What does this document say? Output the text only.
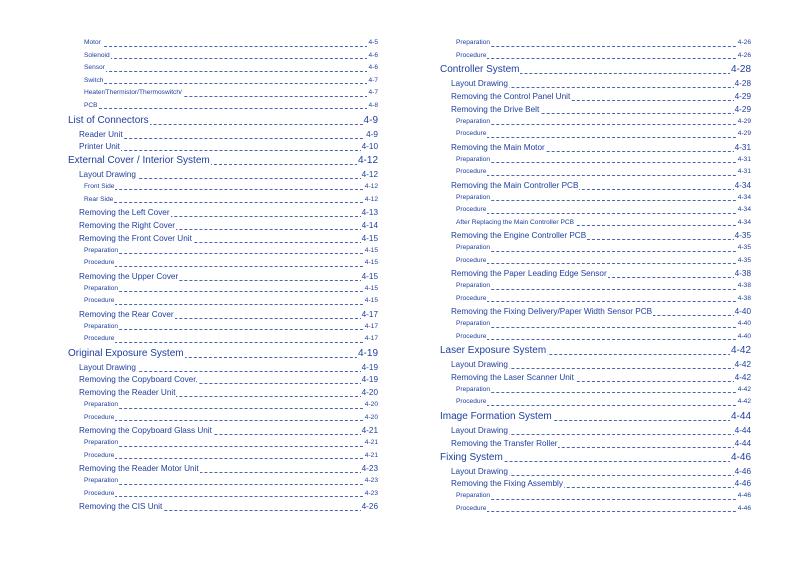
Motor	4-5
Solenoid	4-6
Sensor	4-6
Switch	4-7
Heater/Thermistor/Thermoswitch/	4-7
PCB	4-8
List of Connectors	4-9
Reader Unit	4-9
Printer Unit	4-10
External Cover / Interior System	4-12
Layout Drawing	4-12
Front Side	4-12
Rear Side	4-12
Removing the Left Cover	4-13
Removing the Right Cover	4-14
Removing the Front Cover Unit	4-15
Preparation	4-15
Procedure	4-15
Removing the Upper Cover	4-15
Preparation	4-15
Procedure	4-15
Removing the Rear Cover	4-17
Preparation	4-17
Procedure	4-17
Original Exposure System	4-19
Layout Drawing	4-19
Removing the Copyboard Cover.	4-19
Removing the Reader Unit	4-20
Preparation	4-20
Procedure	4-20
Removing the Copyboard Glass Unit	4-21
Preparation	4-21
Procedure	4-21
Removing the Reader Motor Unit	4-23
Preparation	4-23
Procedure	4-23
Removing the CIS Unit	4-26
Preparation	4-26
Procedure	4-26
Controller System	4-28
Layout Drawing	4-28
Removing the Control Panel Unit	4-29
Removing the Drive Belt	4-29
Preparation	4-29
Procedure	4-29
Removing the Main Motor	4-31
Preparation	4-31
Procedure	4-31
Removing the Main Controller PCB	4-34
Preparation	4-34
Procedure	4-34
After Replacing the Main Controller PCB	4-34
Removing the Engine Controller PCB	4-35
Preparation	4-35
Procedure	4-35
Removing the Paper Leading Edge Sensor	4-38
Preparation	4-38
Procedure	4-38
Removing the Fixing Delivery/Paper Width Sensor PCB	4-40
Preparation	4-40
Procedure	4-40
Laser Exposure System	4-42
Layout Drawing	4-42
Removing the Laser Scanner Unit	4-42
Preparation	4-42
Procedure	4-42
Image Formation System	4-44
Layout Drawing	4-44
Removing the Transfer Roller	4-44
Fixing System	4-46
Layout Drawing	4-46
Removing the Fixing Assembly	4-46
Preparation	4-46
Procedure	4-46
